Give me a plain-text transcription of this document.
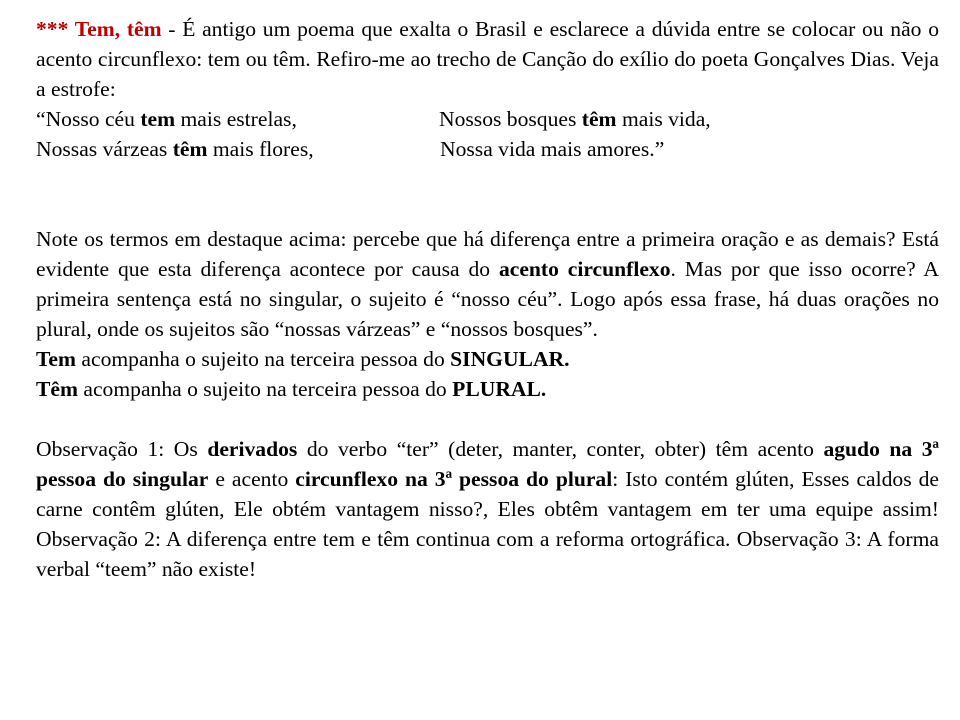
*** Tem, têm - É antigo um poema que exalta o Brasil e esclarece a dúvida entre se colocar ou não o acento circunflexo: tem ou têm. Refiro-me ao trecho de Canção do exílio do poeta Gonçalves Dias. Veja a estrofe:

“Nosso céu tem mais estrelas,	Nossos bosques têm mais vida,
Nossas várzeas têm mais flores,	Nossa vida mais amores.”

Note os termos em destaque acima: percebe que há diferença entre a primeira oração e as demais? Está evidente que esta diferença acontece por causa do acento circunflexo. Mas por que isso ocorre? A primeira sentença está no singular, o sujeito é “nosso céu”. Logo após essa frase, há duas orações no plural, onde os sujeitos são “nossas várzeas” e “nossos bosques”.

Tem acompanha o sujeito na terceira pessoa do SINGULAR.

Têm acompanha o sujeito na terceira pessoa do PLURAL.

Observação 1: Os derivados do verbo “ter” (deter, manter, conter, obter) têm acento agudo na 3ª pessoa do singular e acento circunflexo na 3ª pessoa do plural: Isto contém glúten, Esses caldos de carne contêm glúten, Ele obtém vantagem nisso?, Eles obtêm vantagem em ter uma equipe assim! Observação 2: A diferença entre tem e têm continua com a reforma ortográfica. Observação 3: A forma verbal “teem” não existe!
